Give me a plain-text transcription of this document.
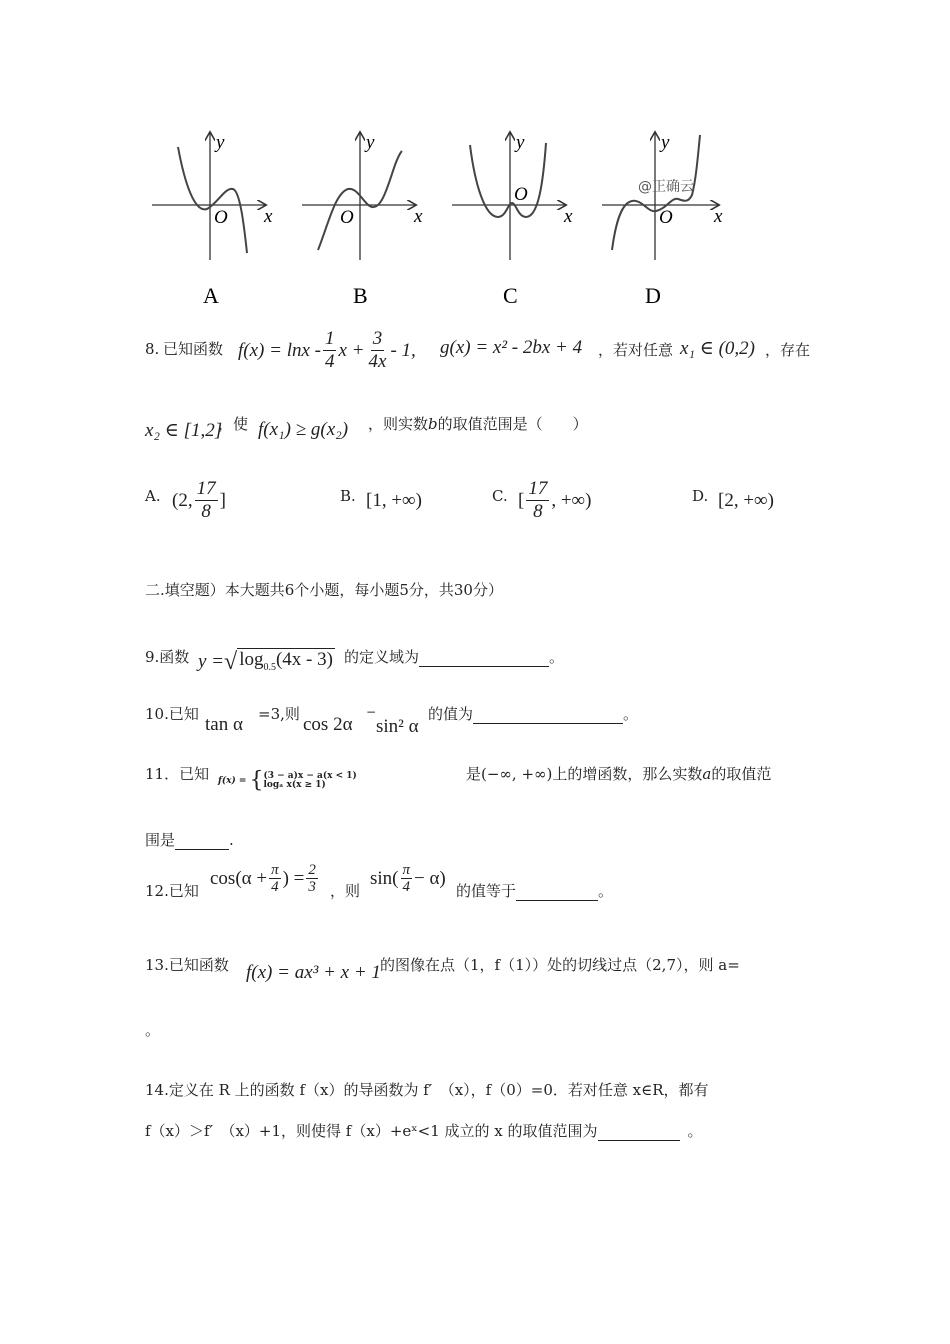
y
x
O
A
y
x
O
B
y
x
O
C
y
x
O
D
@正确云
8. 已知函数 $f(x) = \ln x - \frac{1}{4}$ $x + \frac{3}{4x} - 1$, g(x) = x² - 2bx + 4 ，若对任意 x₁ ∈ (0,2) ，存在
x₂ ∈ [1,2]
，使 f(x₁) ≥ g(x₂) ，则实数b的取值范围是（　　）
A. (2, $\frac{17}{8}$ ]	B. [1, +∞)	C. [ $\frac{17}{8}$ , +∞)	D. [2, +∞)
二.填空题）本大题共6个小题，每小题5分，共30分）
9.函数 y = √ $\log_{0.5}(4x - 3)$ 的定义域为	。
10.已知 tan α =3,则 cos 2α
−
sin² α
的值为	。
11．已知 f(x) = { (3 − a)x − a(x < 1)
logₐ x(x ≥ 1)
是(−∞, +∞)上的增函数，那么实数a的取值范
围是	.
12.已知
$\cos(\alpha + \frac{\pi}{4}$ ) = $\frac{2}{3}$ ，则
$\sin( \frac{\pi}{4} - \alpha)$
的值等于	。
13.已知函数 f(x) = ax³ + x + 1 的图像在点（1，f（1））处的切线过点（2,7），则 a=
。
14.定义在 R 上的函数 f（x）的导函数为 f′　（x），f（0）=0．若对任意 x∈R，都有
f（x）＞f′　（x）+1，则使得 f（x）+eˣ<1 成立的 x 的取值范围为	。
